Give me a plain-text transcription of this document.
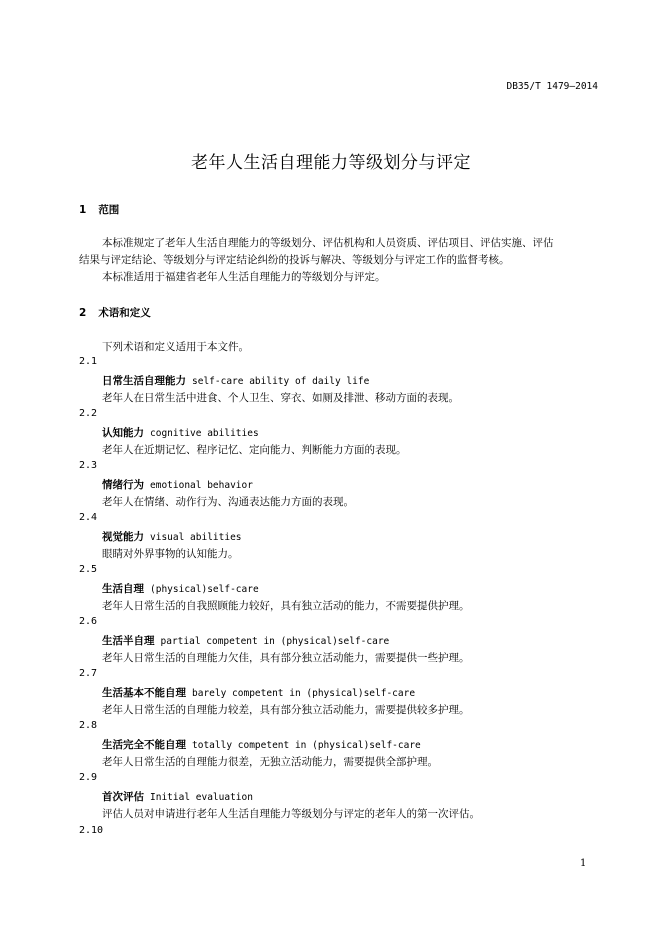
DB35/T 1479—2014
老年人生活自理能力等级划分与评定
1 范围
本标准规定了老年人生活自理能力的等级划分、评估机构和人员资质、评估项目、评估实施、评估
结果与评定结论、等级划分与评定结论纠纷的投诉与解决、等级划分与评定工作的监督考核。
本标准适用于福建省老年人生活自理能力的等级划分与评定。
2 术语和定义
下列术语和定义适用于本文件。
2.1
日常生活自理能力 self-care ability of daily life
老年人在日常生活中进食、个人卫生、穿衣、如厕及排泄、移动方面的表现。
2.2
认知能力 cognitive abilities
老年人在近期记忆、程序记忆、定向能力、判断能力方面的表现。
2.3
情绪行为 emotional behavior
老年人在情绪、动作行为、沟通表达能力方面的表现。
2.4
视觉能力 visual abilities
眼睛对外界事物的认知能力。
2.5
生活自理 (physical)self-care
老年人日常生活的自我照顾能力较好，具有独立活动的能力，不需要提供护理。
2.6
生活半自理 partial competent in (physical)self-care
老年人日常生活的自理能力欠佳，具有部分独立活动能力，需要提供一些护理。
2.7
生活基本不能自理 barely competent in (physical)self-care
老年人日常生活的自理能力较差，具有部分独立活动能力，需要提供较多护理。
2.8
生活完全不能自理 totally competent in (physical)self-care
老年人日常生活的自理能力很差，无独立活动能力，需要提供全部护理。
2.9
首次评估 Initial evaluation
评估人员对申请进行老年人生活自理能力等级划分与评定的老年人的第一次评估。
2.10
1
